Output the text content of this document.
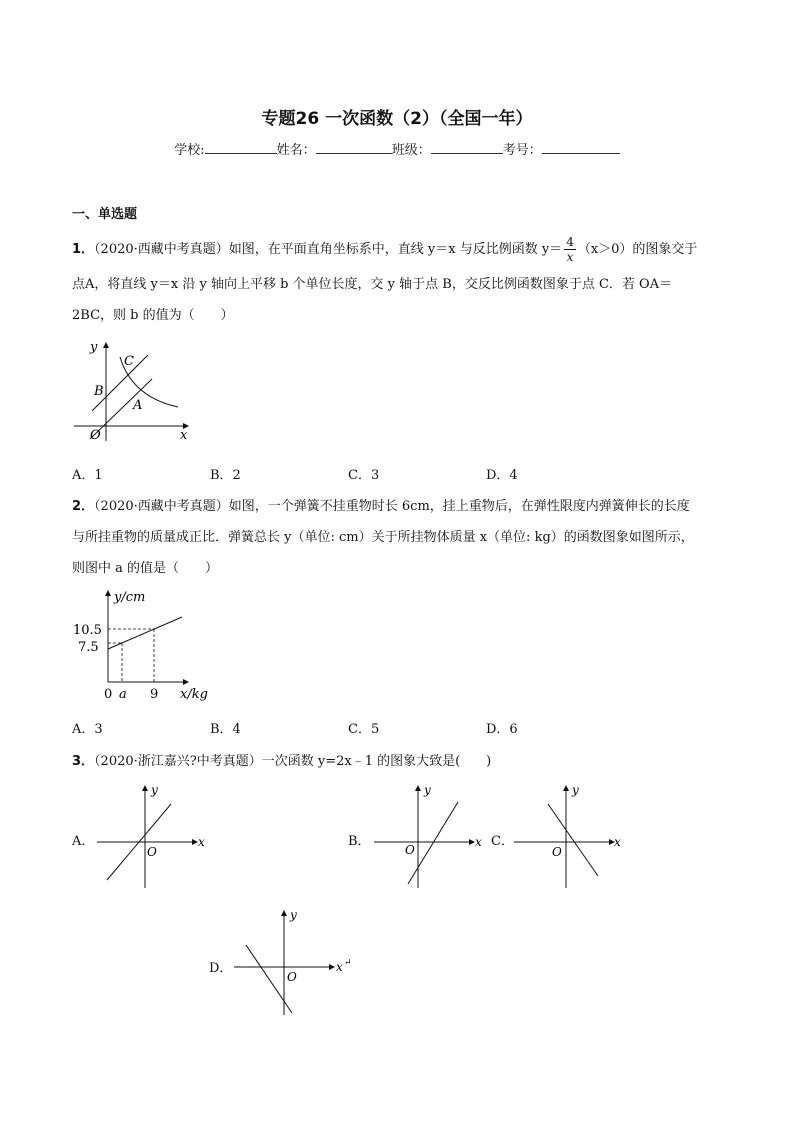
专题26 一次函数（2）（全国一年）
学校:	姓名：	班级：	考号：
一、单选题
1．（2020·西藏中考真题）如图，在平面直角坐标系中，直线 y＝x 与反比例函数 $y= \frac{4}{x} (x>0)$的图象交于
点A，将直线 y＝x 沿 y 轴向上平移 b 个单位长度，交 y 轴于点 B，交反比例函数图象于点 C．若 OA＝
2BC，则 b 的值为（　　）
y
x
O
B
C
A
A．1	B．2	C．3	D．4
2．（2020·西藏中考真题）如图，一个弹簧不挂重物时长 6cm，挂上重物后，在弹性限度内弹簧伸长的长度
与所挂重物的质量成正比．弹簧总长 y（单位: cm）关于所挂物体质量 x（单位: kg）的函数图象如图所示，
则图中 a 的值是（　　）
y/cm
10.5
7.5
0 a 9 x/kg
A．3	B．4	C．5	D．6
3．（2020·浙江嘉兴?中考真题）一次函数 y=2x﹣1 的图象大致是(　　)
A．
y
x
O
B．
y
x
O
C．
y
x
O
D．
y
x ↵
O
